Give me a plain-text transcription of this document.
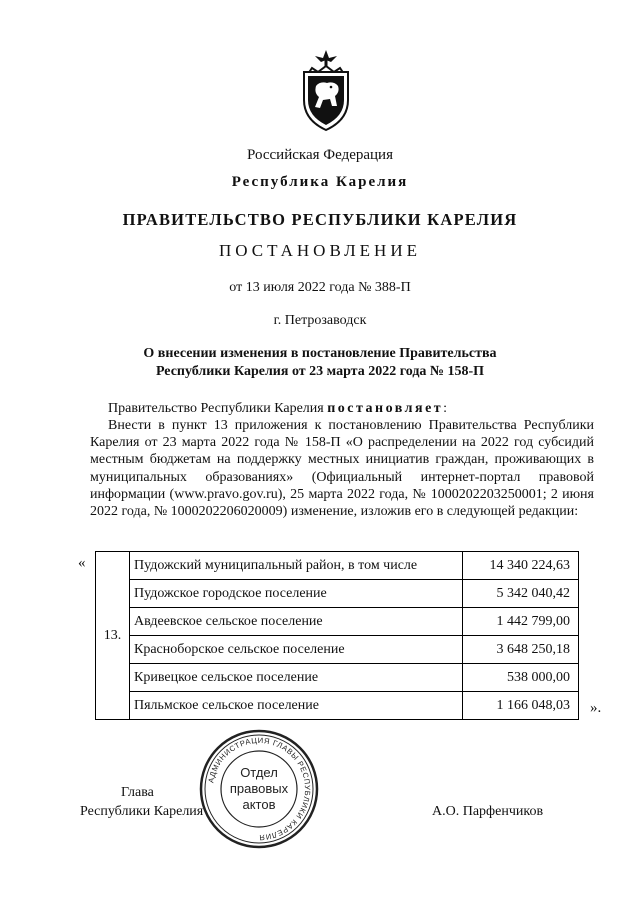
Российская Федерация
Республика Карелия
ПРАВИТЕЛЬСТВО РЕСПУБЛИКИ КАРЕЛИЯ
ПОСТАНОВЛЕНИЕ
от 13 июля 2022 года № 388-П
г. Петрозаводск
О внесении изменения в постановление Правительства
Республики Карелия от 23 марта 2022 года № 158-П
Правительство Республики Карелия постановляет:
Внести в пункт 13 приложения к постановлению Правительства Республики Карелия от 23 марта 2022 года № 158-П «О распределении на 2022 год субсидий местным бюджетам на поддержку местных инициатив граждан, проживающих в муниципальных образованиях» (Официальный интернет-портал правовой информации (www.pravo.gov.ru), 25 марта 2022 года, № 1000202203250001; 2 июня 2022 года, № 1000202206020009) изменение, изложив его в следующей редакции:
«
13.	Пудожский муниципальный район, в том числе	14 340 224,63
	Пудожское городское поселение	5 342 040,42
	Авдеевское сельское поселение	1 442 799,00
	Красноборское сельское поселение	3 648 250,18
	Кривецкое сельское поселение	538 000,00
	Пяльмское сельское поселение	1 166 048,03 ».
Глава
Республики Карелия	А.О. Парфенчиков
АДМИНИСТРАЦИЯ ГЛАВЫ РЕСПУБЛИКИ КАРЕЛИЯ
Отдел
правовых
актов
